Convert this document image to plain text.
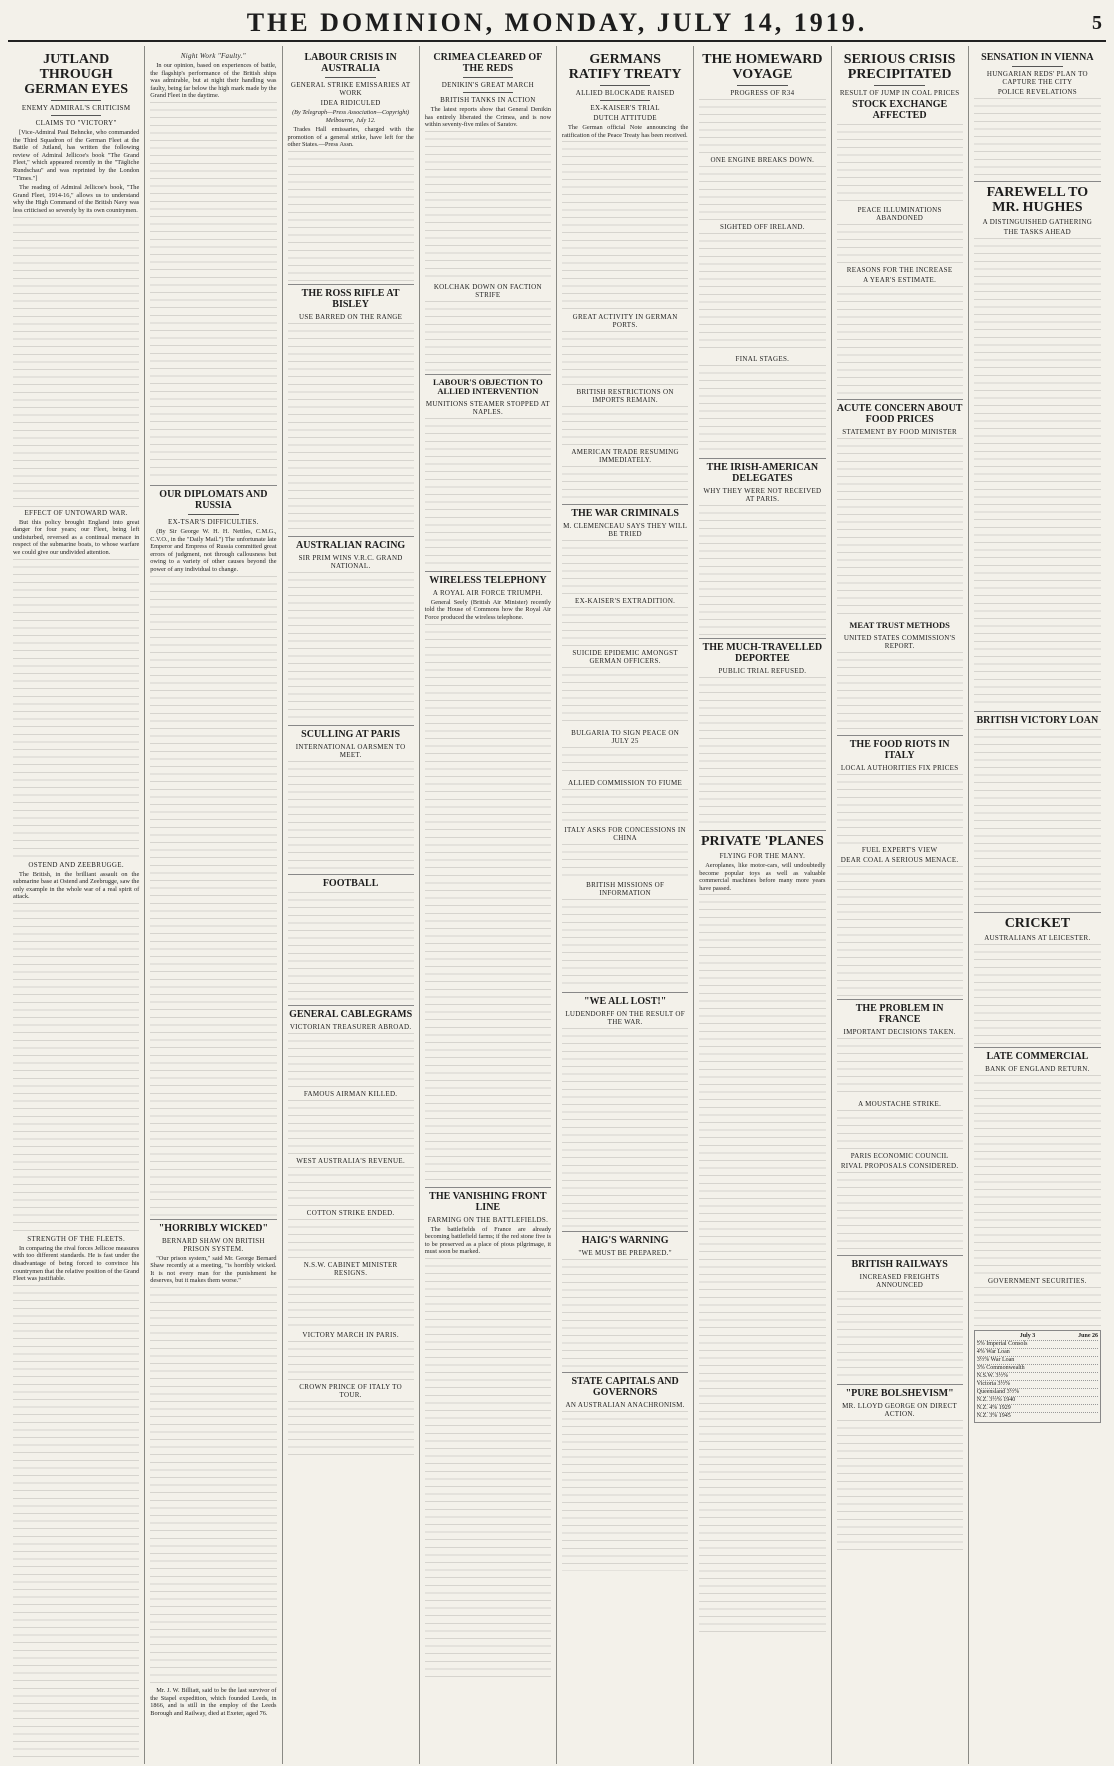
THE DOMINION, MONDAY, JULY 14, 1919.	5
JUTLAND THROUGH GERMAN EYES
ENEMY ADMIRAL'S CRITICISM
CLAIMS TO "VICTORY"

[Vice-Admiral Paul Behncke, who commanded the Third Squadron of the German Fleet at the Battle of Jutland, has written the following review of Admiral Jellicoe's book "The Grand Fleet," which appeared recently in the "Tägliche Rundschau" and was reprinted by the London "Times."]

The reading of Admiral Jellicoe's book, "The Grand Fleet, 1914-16," allows us to understand why the High Command of the British Navy was less criticised so severely by its own countrymen.

EFFECT OF UNTOWARD WAR.

But this policy brought England into great danger for four years; our Fleet, being left undisturbed, reversed as a continual menace in respect of the submarine boats, to whose warfare we could give our undivided attention.

OSTEND AND ZEEBRUGGE.

The British, in the brilliant assault on the submarine base at Ostend and Zeebrugge, saw the only example in the whole war of a real spirit of attack.

STRENGTH OF THE FLEETS.

In comparing the rival forces Jellicoe measures with too different standards. He is fast under the disadvantage of being forced to convince his countrymen that the relative position of the Grand Fleet was justifiable.

Night Work "Faulty."

In our opinion, based on experiences of battle, the flagship's performance of the British ships was admirable, but at night their handling was faulty, being far below the high mark made by the Grand Fleet in the daytime.

OUR DIPLOMATS AND RUSSIA
EX-TSAR'S DIFFICULTIES.

(By Sir George W. H. H. Nettles, C.M.G., C.V.O., in the "Daily Mail.") The unfortunate late Emperor and Empress of Russia committed great errors of judgment, not through callousness but owing to a variety of other causes beyond the power of any individual to change.

"HORRIBLY WICKED"
BERNARD SHAW ON BRITISH PRISON SYSTEM.

"Our prison system," said Mr. George Bernard Shaw recently at a meeting, "is horribly wicked. It is not every man for the punishment he deserves, but it makes them worse."

Mr. J. W. Billiatt, said to be the last survivor of the Stapel expedition, which founded Leeds, in 1866, and is still in the employ of the Leeds Borough and Railway, died at Exeter, aged 76.

LABOUR CRISIS IN AUSTRALIA
GENERAL STRIKE EMISSARIES AT WORK
IDEA RIDICULED
(By Telegraph—Press Association—Copyright) Melbourne, July 12.

Trades Hall emissaries, charged with the promotion of a general strike, have left for the other States.—Press Assn.

THE ROSS RIFLE AT BISLEY
USE BARRED ON THE RANGE
AUSTRALIAN RACING
SIR PRIM WINS V.R.C. GRAND NATIONAL.
SCULLING AT PARIS
INTERNATIONAL OARSMEN TO MEET.
FOOTBALL
GENERAL CABLEGRAMS
VICTORIAN TREASURER ABROAD.
FAMOUS AIRMAN KILLED.
WEST AUSTRALIA'S REVENUE.
COTTON STRIKE ENDED.
N.S.W. CABINET MINISTER RESIGNS.
VICTORY MARCH IN PARIS.
CROWN PRINCE OF ITALY TO TOUR.
CRIMEA CLEARED OF THE REDS
DENIKIN'S GREAT MARCH
BRITISH TANKS IN ACTION

The latest reports show that General Denikin has entirely liberated the Crimea, and is now within seventy-five miles of Saratov.

KOLCHAK DOWN ON FACTION STRIFE
LABOUR'S OBJECTION TO ALLIED INTERVENTION
MUNITIONS STEAMER STOPPED AT NAPLES.
WIRELESS TELEPHONY
A ROYAL AIR FORCE TRIUMPH.

General Seely (British Air Minister) recently told the House of Commons how the Royal Air Force produced the wireless telephone.

THE VANISHING FRONT LINE
FARMING ON THE BATTLEFIELDS.

The battlefields of France are already becoming battlefield farms; if the red stone five is to be preserved as a place of pious pilgrimage, it must soon be marked.

GERMANS RATIFY TREATY
ALLIED BLOCKADE RAISED
EX-KAISER'S TRIAL
DUTCH ATTITUDE

The German official Note announcing the ratification of the Peace Treaty has been received.

GREAT ACTIVITY IN GERMAN PORTS.
BRITISH RESTRICTIONS ON IMPORTS REMAIN.
AMERICAN TRADE RESUMING IMMEDIATELY.
THE WAR CRIMINALS
M. CLEMENCEAU SAYS THEY WILL BE TRIED
EX-KAISER'S EXTRADITION.
SUICIDE EPIDEMIC AMONGST GERMAN OFFICERS.
BULGARIA TO SIGN PEACE ON JULY 25
ALLIED COMMISSION TO FIUME
ITALY ASKS FOR CONCESSIONS IN CHINA
BRITISH MISSIONS OF INFORMATION
"WE ALL LOST!"
LUDENDORFF ON THE RESULT OF THE WAR.
HAIG'S WARNING
"WE MUST BE PREPARED."
STATE CAPITALS AND GOVERNORS
AN AUSTRALIAN ANACHRONISM.
THE HOMEWARD VOYAGE
PROGRESS OF R34
ONE ENGINE BREAKS DOWN.
SIGHTED OFF IRELAND.
FINAL STAGES.
THE IRISH-AMERICAN DELEGATES
WHY THEY WERE NOT RECEIVED AT PARIS.
THE MUCH-TRAVELLED DEPORTEE
PUBLIC TRIAL REFUSED.
PRIVATE 'PLANES
FLYING FOR THE MANY.

Aeroplanes, like motor-cars, will undoubtedly become popular toys as well as valuable commercial machines before many more years have passed.

SERIOUS CRISIS PRECIPITATED
RESULT OF JUMP IN COAL PRICES
STOCK EXCHANGE AFFECTED
PEACE ILLUMINATIONS ABANDONED
REASONS FOR THE INCREASE
A YEAR'S ESTIMATE.
ACUTE CONCERN ABOUT FOOD PRICES
STATEMENT BY FOOD MINISTER
MEAT TRUST METHODS
UNITED STATES COMMISSION'S REPORT.
THE FOOD RIOTS IN ITALY
LOCAL AUTHORITIES FIX PRICES
FUEL EXPERT'S VIEW
DEAR COAL A SERIOUS MENACE.
THE PROBLEM IN FRANCE
IMPORTANT DECISIONS TAKEN.
A MOUSTACHE STRIKE.
PARIS ECONOMIC COUNCIL
RIVAL PROPOSALS CONSIDERED.
BRITISH RAILWAYS
INCREASED FREIGHTS ANNOUNCED
"PURE BOLSHEVISM"
MR. LLOYD GEORGE ON DIRECT ACTION.
SENSATION IN VIENNA
HUNGARIAN REDS' PLAN TO CAPTURE THE CITY
POLICE REVELATIONS
FAREWELL TO MR. HUGHES
A DISTINGUISHED GATHERING
THE TASKS AHEAD
BRITISH VICTORY LOAN
CRICKET
AUSTRALIANS AT LEICESTER.
LATE COMMERCIAL
BANK OF ENGLAND RETURN.
GOVERNMENT SECURITIES.
July 3	June 26
5% Imperial Consols
4% War Loan
3½% War Loan
3% Commonwealth
N.S.W. 3½%
Victoria 3½%
Queensland 3½%
N.Z. 3½% 1940
N.Z. 4% 1929
N.Z. 3% 1945
